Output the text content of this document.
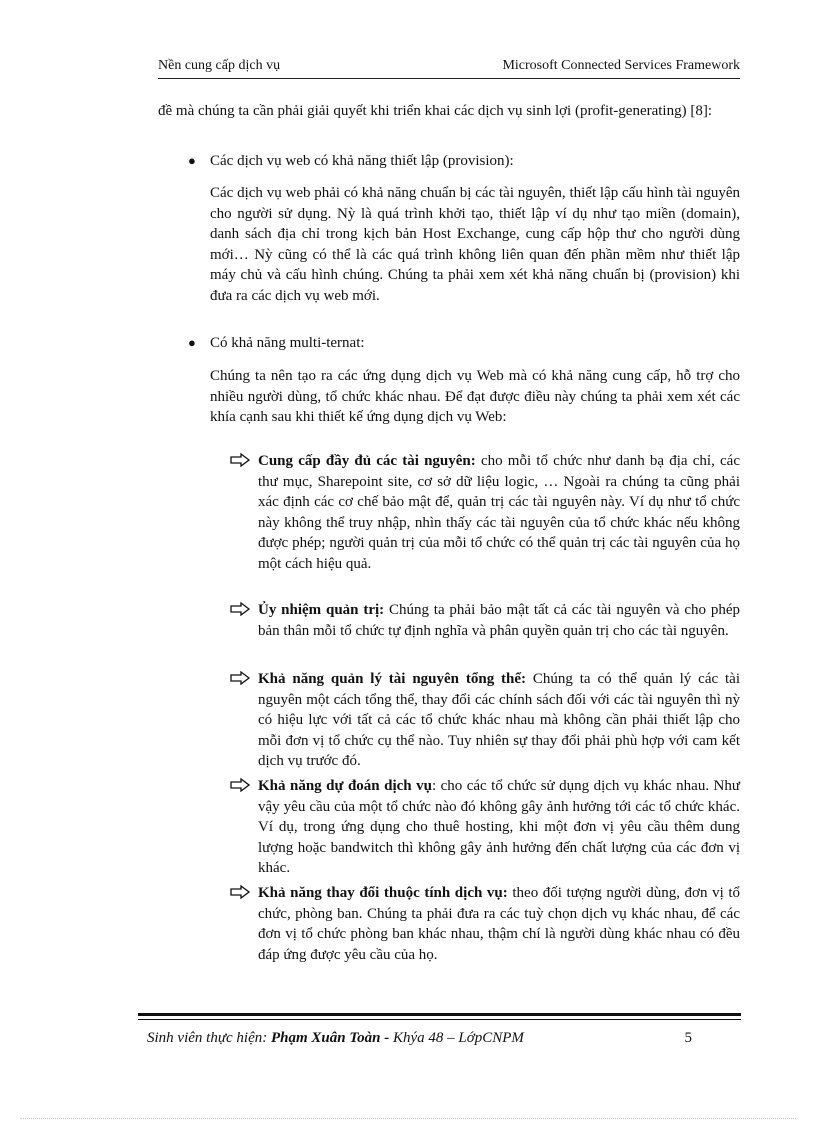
Nền cung cấp dịch vụ	Microsoft Connected Services Framework
đề mà chúng ta cần phải giải quyết khi triển khai các dịch vụ sinh lợi (profit-generating) [8]:
● Các dịch vụ web có khả năng thiết lập (provision):
Các dịch vụ web phải có khả năng chuẩn bị các tài nguyên, thiết lập cấu hình tài nguyên cho người sử dụng. Nỳ là quá trình khởi tạo, thiết lập ví dụ như tạo miền (domain), danh sách địa chỉ trong kịch bản Host Exchange, cung cấp hộp thư cho người dùng mới… Nỳ cũng có thể là các quá trình không liên quan đến phần mềm như thiết lập máy chủ và cấu hình chúng. Chúng ta phải xem xét khả năng chuẩn bị (provision) khi đưa ra các dịch vụ web mới.
● Có khả năng multi-ternat:
Chúng ta nên tạo ra các ứng dụng dịch vụ Web mà có khả năng cung cấp, hỗ trợ cho nhiều người dùng, tổ chức khác nhau. Để đạt được điều này chúng ta phải xem xét các khía cạnh sau khi thiết kế ứng dụng dịch vụ Web:
Cung cấp đầy đủ các tài nguyên: cho mỗi tổ chức như danh bạ địa chỉ, các thư mục, Sharepoint site, cơ sở dữ liệu logic, … Ngoài ra chúng ta cũng phải xác định các cơ chế bảo mật để, quản trị các tài nguyên này. Ví dụ như tổ chức này không thể truy nhập, nhìn thấy các tài nguyên của tổ chức khác nếu không được phép; người quản trị của mỗi tổ chức có thể quản trị các tài nguyên của họ một cách hiệu quả.
Ủy nhiệm quản trị: Chúng ta phải bảo mật tất cả các tài nguyên và cho phép bản thân mỗi tổ chức tự định nghĩa và phân quyền quản trị cho các tài nguyên.
Khả năng quản lý tài nguyên tổng thể: Chúng ta có thể quản lý các tài nguyên một cách tổng thể, thay đổi các chính sách đối với các tài nguyên thì nỳ có hiệu lực với tất cả các tổ chức khác nhau mà không cần phải thiết lập cho mỗi đơn vị tổ chức cụ thể nào. Tuy nhiên sự thay đổi phải phù hợp với cam kết dịch vụ trước đó.
Khả năng dự đoán dịch vụ: cho các tổ chức sử dụng dịch vụ khác nhau. Như vậy yêu cầu của một tổ chức nào đó không gây ảnh hưởng tới các tổ chức khác. Ví dụ, trong ứng dụng cho thuê hosting, khi một đơn vị yêu cầu thêm dung lượng hoặc bandwitch thì không gây ảnh hưởng đến chất lượng của các đơn vị khác.
Khả năng thay đổi thuộc tính dịch vụ: theo đối tượng người dùng, đơn vị tổ chức, phòng ban. Chúng ta phải đưa ra các tuỳ chọn dịch vụ khác nhau, để các đơn vị tổ chức phòng ban khác nhau, thậm chí là người dùng khác nhau có đều đáp ứng được yêu cầu của họ.
Sinh viên thực hiện: Phạm Xuân Toàn - Khýa 48 – LớpCNPM	5
